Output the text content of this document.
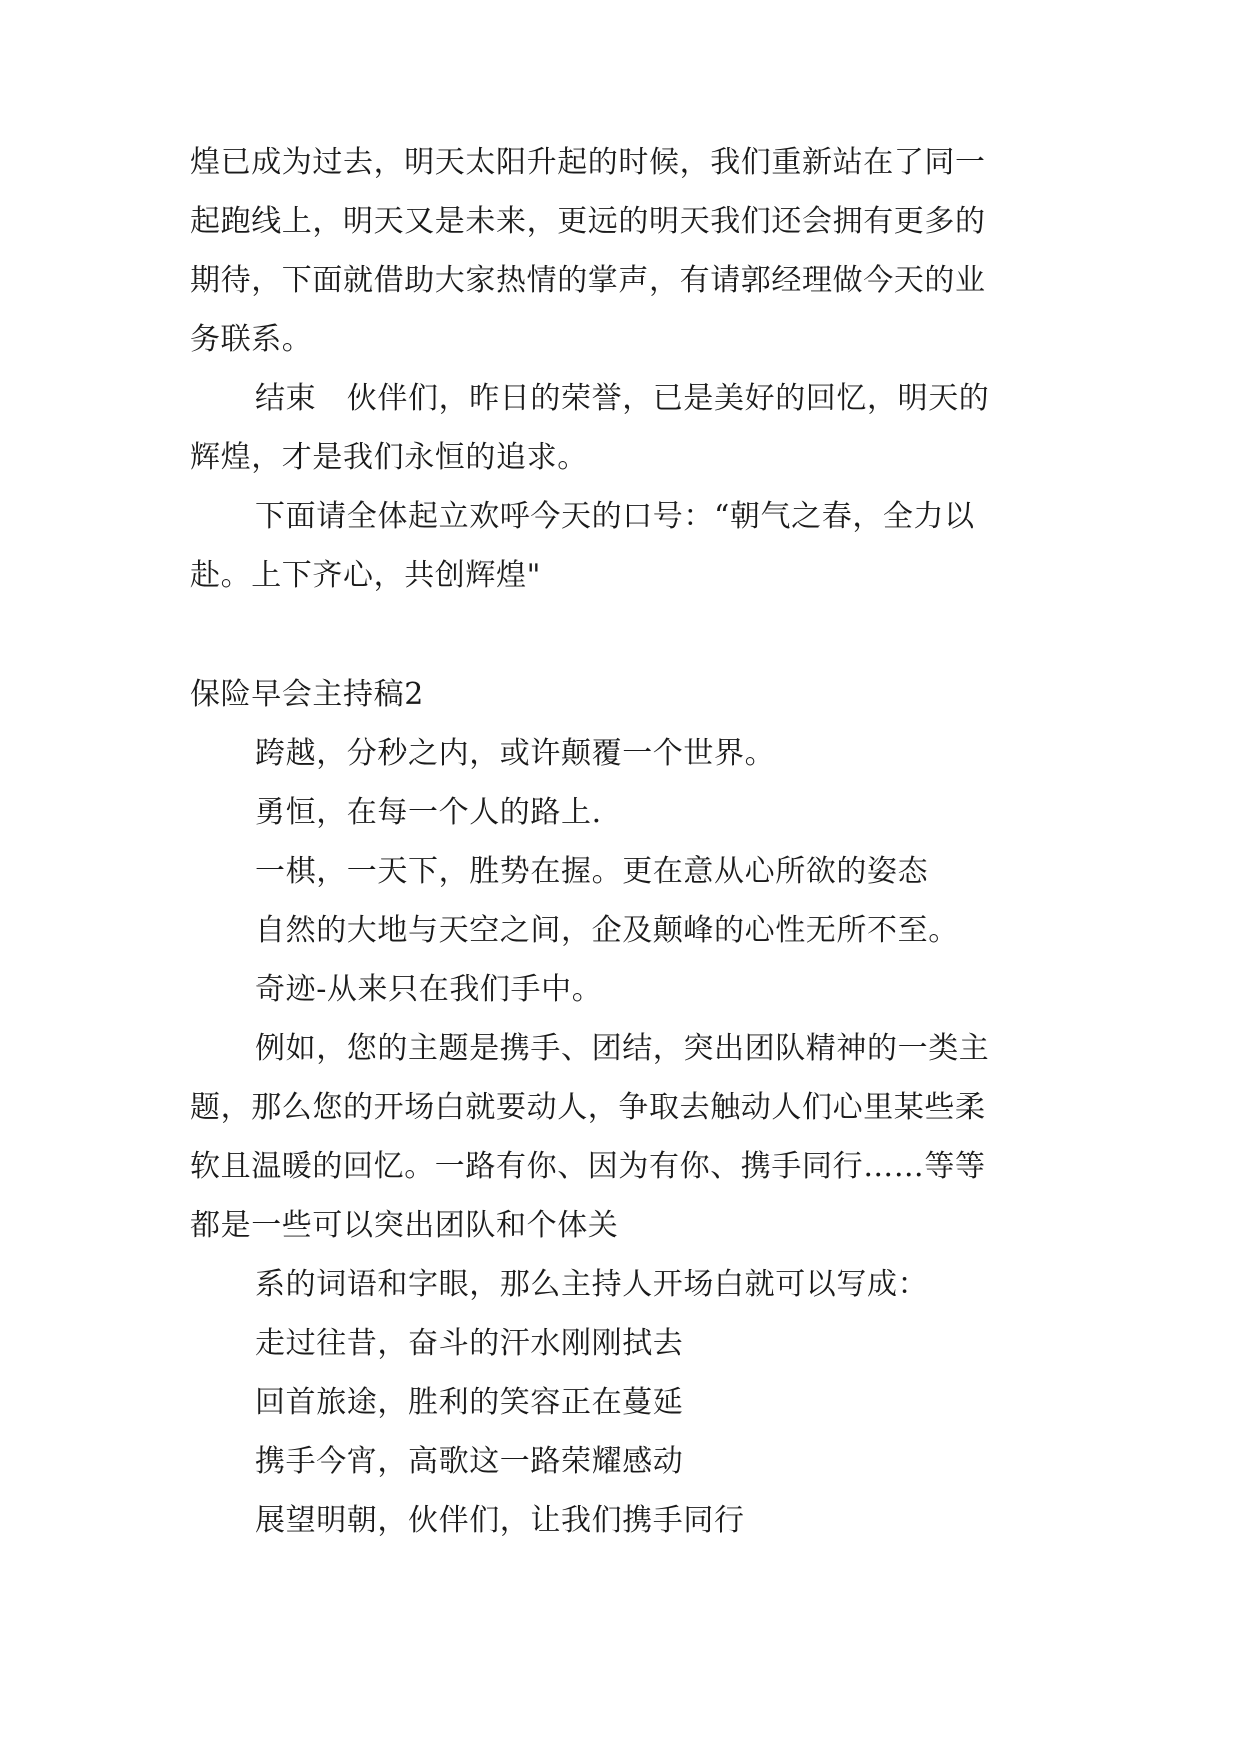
煌已成为过去，明天太阳升起的时候，我们重新站在了同一
起跑线上，明天又是未来，更远的明天我们还会拥有更多的
期待，下面就借助大家热情的掌声，有请郭经理做今天的业
务联系。
结束　伙伴们，昨日的荣誉，已是美好的回忆，明天的
辉煌，才是我们永恒的追求。
下面请全体起立欢呼今天的口号：“朝气之春，全力以
赴。上下齐心，共创辉煌"
保险早会主持稿2
跨越，分秒之内，或许颠覆一个世界。
勇恒，在每一个人的路上.
一棋，一天下，胜势在握。更在意从心所欲的姿态
自然的大地与天空之间，企及颠峰的心性无所不至。
奇迹-从来只在我们手中。
例如，您的主题是携手、团结，突出团队精神的一类主
题，那么您的开场白就要动人，争取去触动人们心里某些柔
软且温暖的回忆。一路有你、因为有你、携手同行……等等
都是一些可以突出团队和个体关
系的词语和字眼，那么主持人开场白就可以写成：
走过往昔，奋斗的汗水刚刚拭去
回首旅途，胜利的笑容正在蔓延
携手今宵，高歌这一路荣耀感动
展望明朝，伙伴们，让我们携手同行
